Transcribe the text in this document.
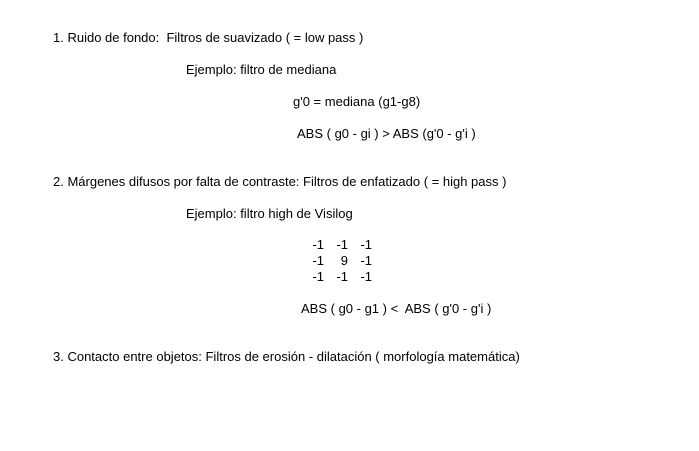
1. Ruido de fondo:  Filtros de suavizado ( = low pass )
Ejemplo: filtro de mediana
g'0 = mediana (g1-g8)
ABS ( g0 - gi ) > ABS (g'0 - g'i )
2. Márgenes difusos por falta de contraste: Filtros de enfatizado ( = high pass )
Ejemplo: filtro high de Visilog
-1 -1 -1
-1	9 -1
-1 -1 -1
ABS ( g0 - g1 ) <  ABS ( g'0 - g'i )
3. Contacto entre objetos: Filtros de erosión - dilatación ( morfología matemática)
